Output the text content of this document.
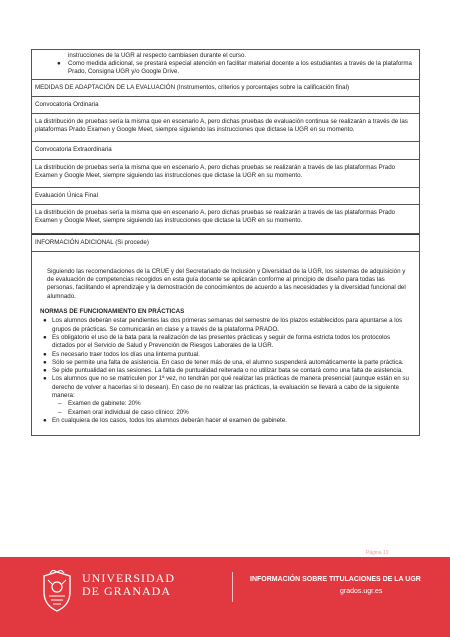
instrucciones de la UGR al respecto cambiasen durante el curso.
●	Como medida adicional, se prestará especial atención en facilitar material docente a los estudiantes a través de la plataforma Prado, Consigna UGR y/o Google Drive.
MEDIDAS DE ADAPTACIÓN DE LA EVALUACIÓN (Instrumentos, criterios y porcentajes sobre la calificación final)
Convocatoria Ordinaria
La distribución de pruebas sería la misma que en escenario A, pero dichas pruebas de evaluación continua se realizarán a través de las plataformas Prado Examen y Google Meet, siempre siguiendo las instrucciones que dictase la UGR en su momento.
Convocatoria Extraordinaria
La distribución de pruebas sería la misma que en escenario A, pero dichas pruebas se realizarán a través de las plataformas Prado Examen y Google Meet, siempre siguiendo las instrucciones que dictase la UGR en su momento.
Evaluación Única Final
La distribución de pruebas sería la misma que en escenario A, pero dichas pruebas se realizarán a través de las plataformas Prado Examen y Google Meet, siempre siguiendo las instrucciones que dictase la UGR en su momento.
INFORMACIÓN ADICIONAL (Si procede)
Siguiendo las recomendaciones de la CRUE y del Secretariado de Inclusión y Diversidad de la UGR, los sistemas de adquisición y de evaluación de competencias recogidos en esta guía docente se aplicarán conforme al principio de diseño para todas las personas, facilitando el aprendizaje y la demostración de conocimientos de acuerdo a las necesidades y la diversidad funcional del alumnado.
NORMAS DE FUNCIONAMIENTO EN PRÁCTICAS
● Los alumnos deberán estar pendientes las dos primeras semanas del semestre de los plazos establecidos para apuntarse a los grupos de prácticas. Se comunicarán en clase y a través de la plataforma PRADO.
● Es obligatorio el uso de la bata para la realización de las presentes prácticas y seguir de forma estricta todos los protocolos dictados por el Servicio de Salud y Prevención de Riesgos Laborales de la UGR.
● Es necesario traer todos los días una linterna puntual.
● Sólo se permite una falta de asistencia. En caso de tener más de una, el alumno suspenderá automáticamente la parte práctica.
● Se pide puntualidad en las sesiones. La falta de puntualidad reiterada o no utilizar bata se contará como una falta de asistencia.
● Los alumnos que no se matriculen por 1ª vez, no tendrán por qué realizar las prácticas de manera presencial (aunque están en su derecho de volver a hacerlas si lo desean). En caso de no realizar las prácticas, la evaluación se llevará a cabo de la siguiente manera:
–	Examen de gabinete: 20%
–	Examen oral individual de caso clínico: 20%
● En cualquiera de los casos, todos los alumnos deberán hacer el examen de gabinete.
Página 10
UNIVERSIDAD
DE GRANADA
INFORMACIÓN SOBRE TITULACIONES DE LA UGR
grados.ugr.es
